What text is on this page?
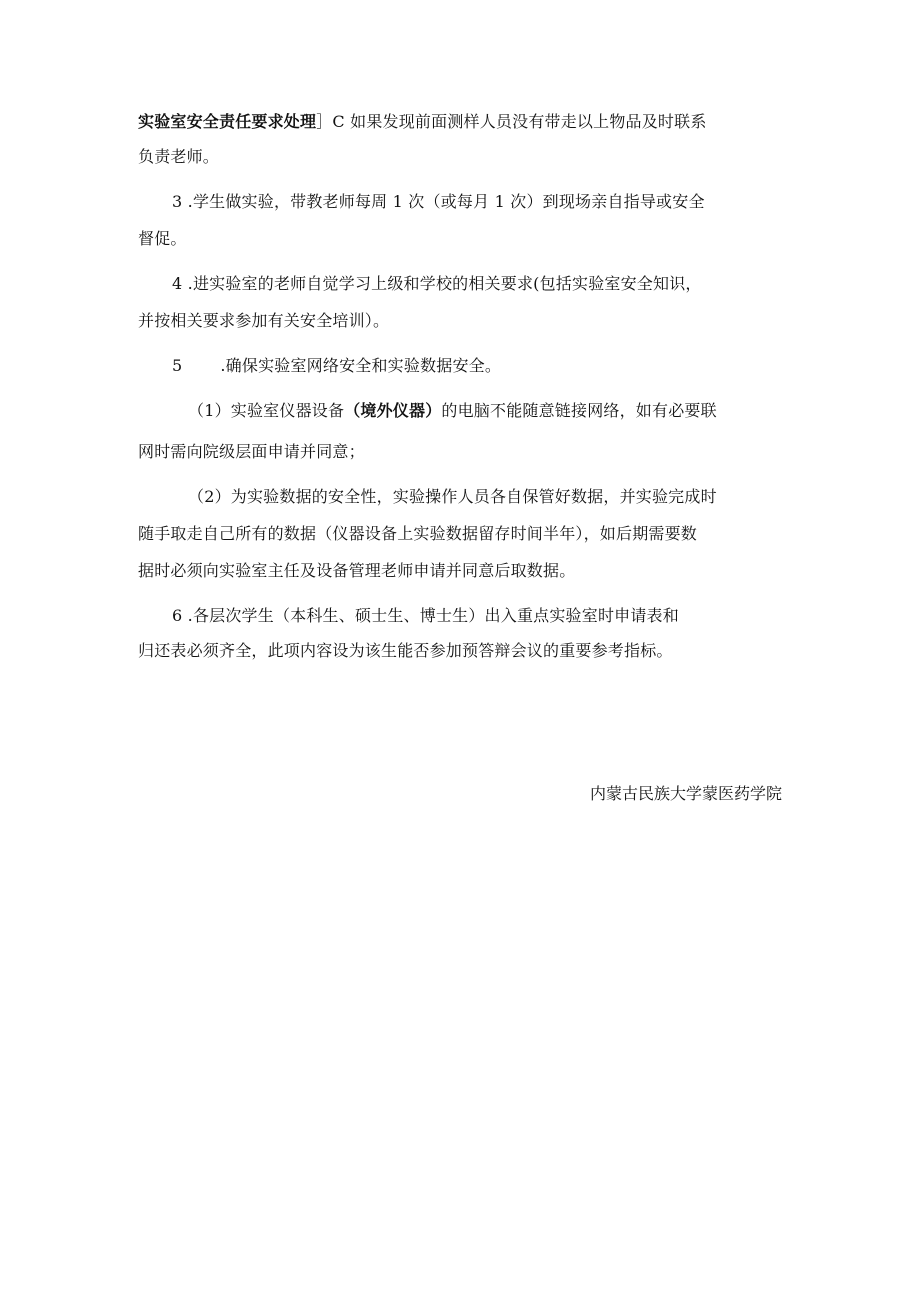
实验室安全责任要求处理］C 如果发现前面测样人员没有带走以上物品及时联系
负责老师。
3 .学生做实验，带教老师每周 1 次（或每月 1 次）到现场亲自指导或安全
督促。
4 .进实验室的老师自觉学习上级和学校的相关要求(包括实验室安全知识，
并按相关要求参加有关安全培训）。
5 .确保实验室网络安全和实验数据安全。
（1）实验室仪器设备（境外仪器）的电脑不能随意链接网络，如有必要联
网时需向院级层面申请并同意；
（2）为实验数据的安全性，实验操作人员各自保管好数据，并实验完成时
随手取走自己所有的数据（仪器设备上实验数据留存时间半年），如后期需要数
据时必须向实验室主任及设备管理老师申请并同意后取数据。
6 .各层次学生（本科生、硕士生、博士生）出入重点实验室时申请表和
归还表必须齐全，此项内容设为该生能否参加预答辩会议的重要参考指标。
内蒙古民族大学蒙医药学院
